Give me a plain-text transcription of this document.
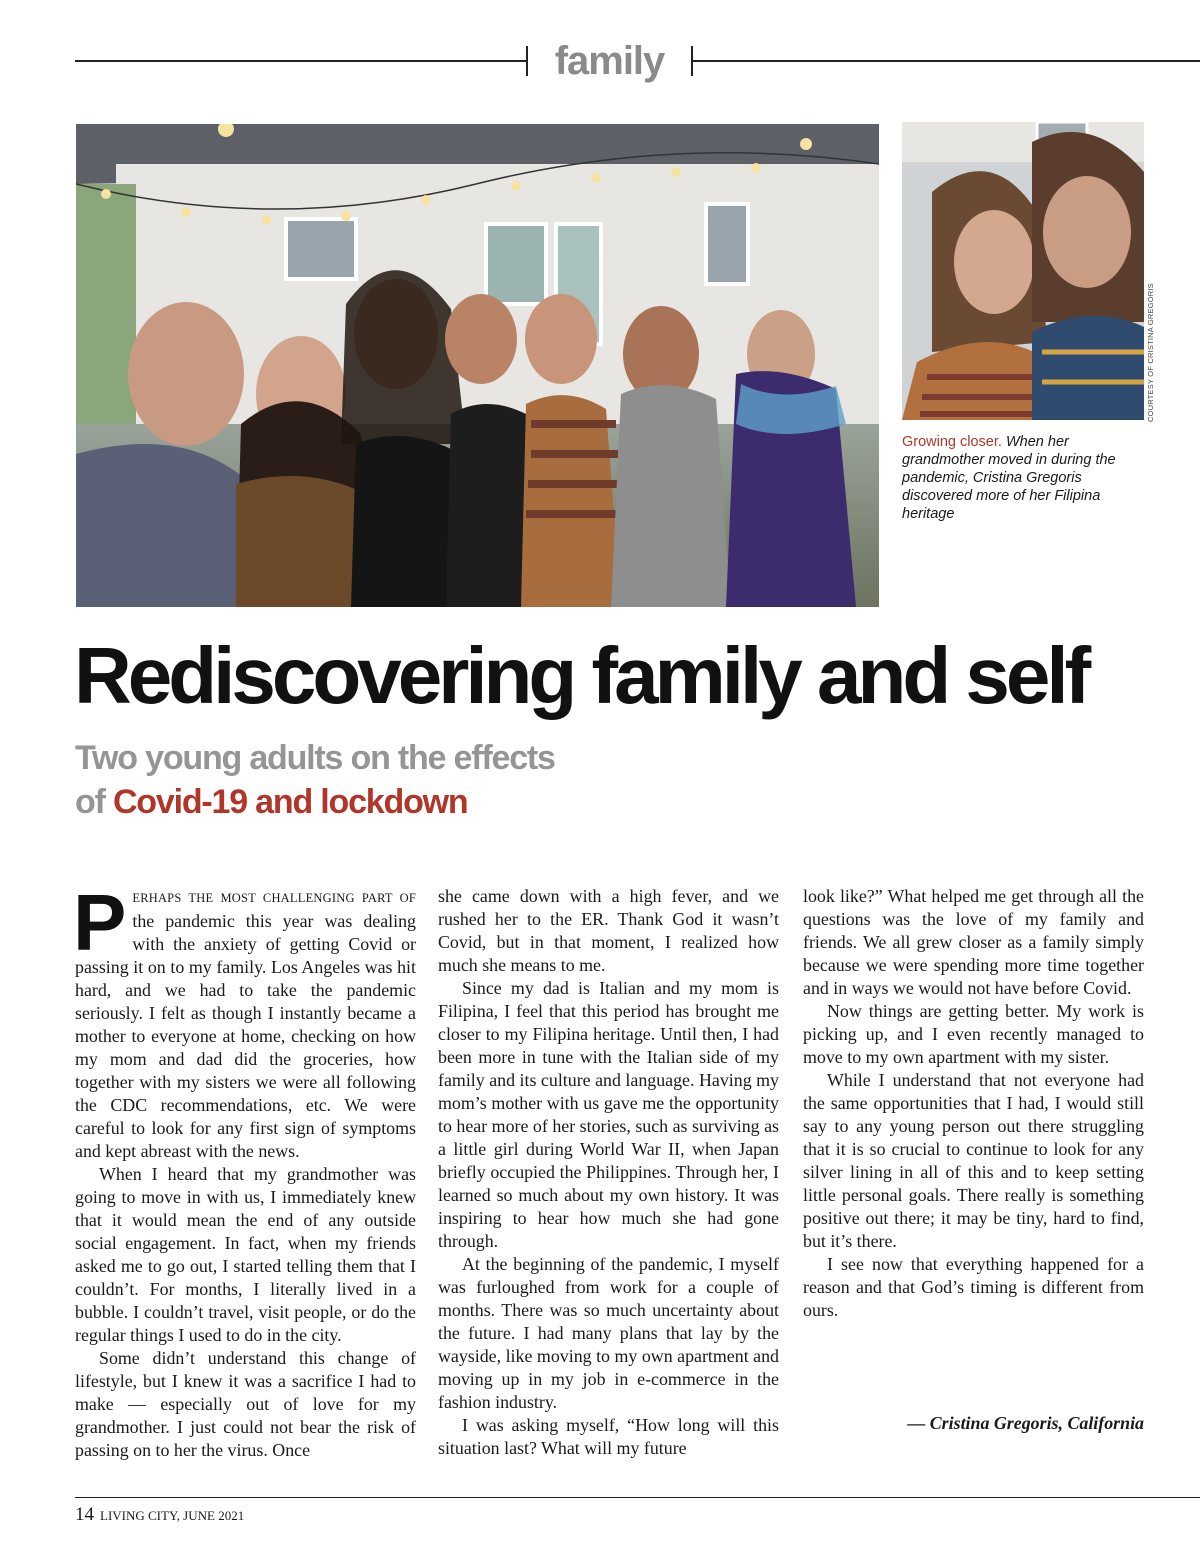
family
COURTESY OF CRISTINA GREGORIS
Growing closer. When her grandmother moved in during the pandemic, Cristina Gregoris discovered more of her Filipina heritage
Rediscovering family and self
Two young adults on the effects
of Covid-19 and lockdown

PERHAPS THE MOST CHALLENGING PART OF the pandemic this year was dealing with the anxiety of getting Covid or passing it on to my family. Los Angeles was hit hard, and we had to take the pandemic seriously. I felt as though I instantly became a mother to everyone at home, checking on how my mom and dad did the groceries, how together with my sisters we were all following the CDC recommendations, etc. We were careful to look for any first sign of symptoms and kept abreast with the news.

When I heard that my grandmother was going to move in with us, I immediately knew that it would mean the end of any outside social engagement. In fact, when my friends asked me to go out, I started telling them that I couldn’t. For months, I literally lived in a bubble. I couldn’t travel, visit people, or do the regular things I used to do in the city.

Some didn’t understand this change of lifestyle, but I knew it was a sacrifice I had to make — especially out of love for my grandmother. I just could not bear the risk of passing on to her the virus. Once

she came down with a high fever, and we rushed her to the ER. Thank God it wasn’t Covid, but in that moment, I realized how much she means to me.

Since my dad is Italian and my mom is Filipina, I feel that this period has brought me closer to my Filipina heritage. Until then, I had been more in tune with the Italian side of my family and its culture and language. Having my mom’s mother with us gave me the opportunity to hear more of her stories, such as surviving as a little girl during World War II, when Japan briefly occupied the Philippines. Through her, I learned so much about my own history. It was inspiring to hear how much she had gone through.

At the beginning of the pandemic, I myself was furloughed from work for a couple of months. There was so much uncertainty about the future. I had many plans that lay by the wayside, like moving to my own apartment and moving up in my job in e-commerce in the fashion industry.

I was asking myself, “How long will this situation last? What will my future

look like?” What helped me get through all the questions was the love of my family and friends. We all grew closer as a family simply because we were spending more time together and in ways we would not have before Covid.

Now things are getting better. My work is picking up, and I even recently managed to move to my own apartment with my sister.

While I understand that not everyone had the same opportunities that I had, I would still say to any young person out there struggling that it is so crucial to continue to look for any silver lining in all of this and to keep setting little personal goals. There really is something positive out there; it may be tiny, hard to find, but it’s there.

I see now that everything happened for a reason and that God’s timing is different from ours.

— Cristina Gregoris, California
14 LIVING CITY, JUNE 2021
